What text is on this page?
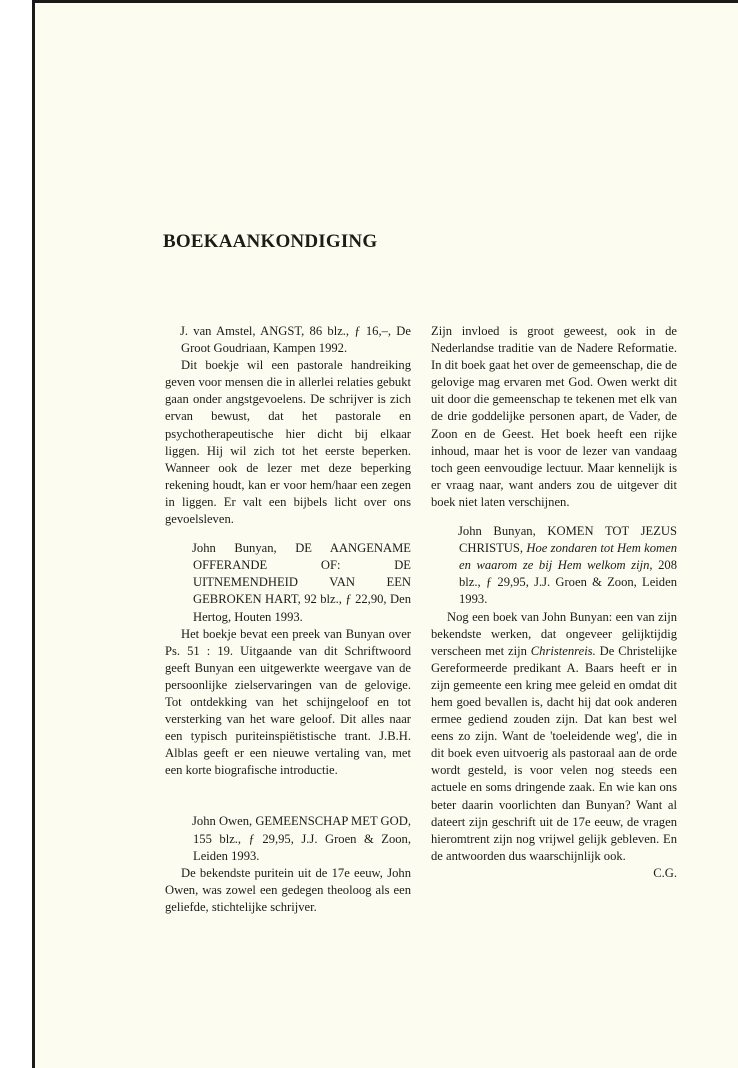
BOEKAANKONDIGING

J. van Amstel, ANGST, 86 blz., ƒ 16,–, De Groot Goudriaan, Kampen 1992.

Dit boekje wil een pastorale handreiking geven voor mensen die in allerlei relaties gebukt gaan onder angstgevoelens. De schrijver is zich ervan bewust, dat het pastorale en psychotherapeutische hier dicht bij elkaar liggen. Hij wil zich tot het eerste beperken. Wanneer ook de lezer met deze beperking rekening houdt, kan er voor hem/haar een zegen in liggen. Er valt een bijbels licht over ons gevoelsleven.

John Bunyan, DE AANGENAME OFFERANDE OF: DE UITNEMENDHEID VAN EEN GEBROKEN HART, 92 blz., ƒ 22,90, Den Hertog, Houten 1993.

Het boekje bevat een preek van Bunyan over Ps. 51 : 19. Uitgaande van dit Schriftwoord geeft Bunyan een uitgewerkte weergave van de persoonlijke zielservaringen van de gelovige. Tot ontdekking van het schijngeloof en tot versterking van het ware geloof. Dit alles naar een typisch puriteinspiëtistische trant. J.B.H. Alblas geeft er een nieuwe vertaling van, met een korte biografische introductie.

John Owen, GEMEENSCHAP MET GOD, 155 blz., ƒ 29,95, J.J. Groen & Zoon, Leiden 1993.

De bekendste puritein uit de 17e eeuw, John Owen, was zowel een gedegen theoloog als een geliefde, stichtelijke schrijver.

Zijn invloed is groot geweest, ook in de Nederlandse traditie van de Nadere Reformatie. In dit boek gaat het over de gemeenschap, die de gelovige mag ervaren met God. Owen werkt dit uit door die gemeenschap te tekenen met elk van de drie goddelijke personen apart, de Vader, de Zoon en de Geest. Het boek heeft een rijke inhoud, maar het is voor de lezer van vandaag toch geen eenvoudige lectuur. Maar kennelijk is er vraag naar, want anders zou de uitgever dit boek niet laten verschijnen.

John Bunyan, KOMEN TOT JEZUS CHRISTUS, Hoe zondaren tot Hem komen en waarom ze bij Hem welkom zijn, 208 blz., ƒ 29,95, J.J. Groen & Zoon, Leiden 1993.

Nog een boek van John Bunyan: een van zijn bekendste werken, dat ongeveer gelijktijdig verscheen met zijn Christenreis. De Christelijke Gereformeerde predikant A. Baars heeft er in zijn gemeente een kring mee geleid en omdat dit hem goed bevallen is, dacht hij dat ook anderen ermee gediend zouden zijn. Dat kan best wel eens zo zijn. Want de 'toeleidende weg', die in dit boek even uitvoerig als pastoraal aan de orde wordt gesteld, is voor velen nog steeds een actuele en soms dringende zaak. En wie kan ons beter daarin voorlichten dan Bunyan? Want al dateert zijn geschrift uit de 17e eeuw, de vragen hieromtrent zijn nog vrijwel gelijk gebleven. En de antwoorden dus waarschijnlijk ook.

C.G.
